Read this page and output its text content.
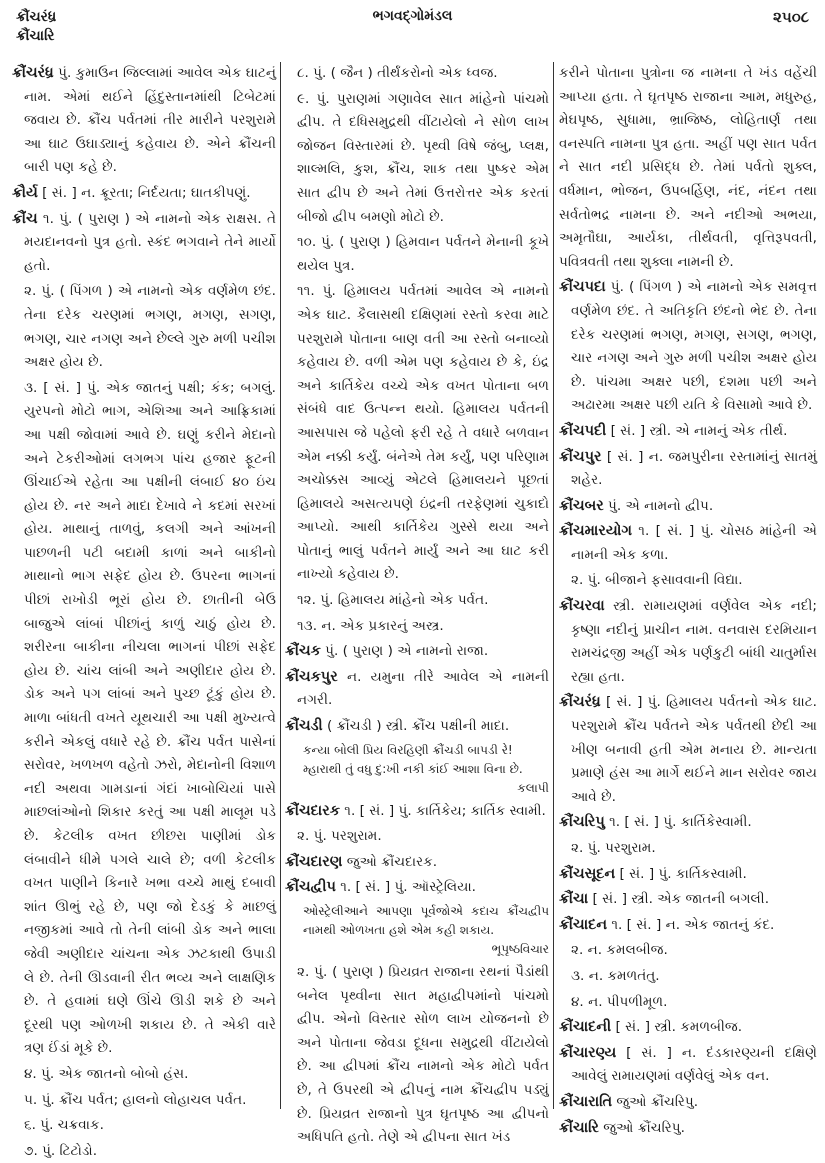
ક્રૌંચરંધ્ર
ક્રૌંચારિ
ભગવદ્ગોમંડલ	૨૫૦૮
ક્રૌંચરંધ્ર પું. કુમાઉન જિલ્લામાં આવેલ એક ઘાટનું નામ. એમાં થઈને હિંદુસ્તાનમાંથી ટિબેટમાં જવાય છે. ક્રૌંચ પર્વતમાં તીર મારીને પરશુરામે આ ઘાટ ઉઘાડ્યાનું કહેવાય છે. એને ક્રૌંચની બારી પણ કહે છે.
ક્રૌર્ય [ સં. ] ન. ક્રૂરતા; નિર્દયતા; ઘાતકીપણું.
ક્રૌંચ ૧. પું. ( પુરાણ ) એ નામનો એક રાક્ષસ. તે મયદાનવનો પુત્ર હતો. સ્કંદ ભગવાને તેને માર્યો હતો.
૨. પું. ( પિંગળ ) એ નામનો એક વર્ણમેળ છંદ. તેના દરેક ચરણમાં ભગણ, મગણ, સગણ, ભગણ, ચાર નગણ અને છેલ્લે ગુરુ મળી પચીશ અક્ષર હોય છે.
૩. [ સં. ] પું. એક જાતનું પક્ષી; કંક; બગલું. યુરપનો મોટો ભાગ, એશિઆ અને આફ્રિકામાં આ પક્ષી જોવામાં આવે છે. ઘણું કરીને મેદાનો અને ટેકરીઓમાં લગભગ પાંચ હજાર ફૂટની ઊંચાઈએ રહેતા આ પક્ષીની લંબાઈ ૪૦ ઇંચ હોય છે. નર અને માદા દેખાવે ને કદમાં સરખાં હોય. માથાનું તાળવું, કલગી અને આંખની પાછળની પટી બદામી કાળાં અને બાકીનો માથાનો ભાગ સફેદ હોય છે. ઉપરના ભાગનાં પીછાં રાખોડી ભૂરાં હોય છે. છાતીની બેઉ બાજુએ લાંબાં પીછાંનું કાળું ચાઠું હોય છે. શરીરના બાકીના નીચલા ભાગનાં પીછાં સફેદ હોય છે. ચાંચ લાંબી અને અણીદાર હોય છે. ડોક અને પગ લાંબાં અને પુચ્છ ટૂંકું હોય છે. માળા બાંધતી વખતે યૂથચારી આ પક્ષી મુખ્યત્વે કરીને એકલું વધારે રહે છે. ક્રૌંચ પર્વત પાસેનાં સરોવર, ખળખળ વહેતો ઝરો, મેદાનોની વિશાળ નદી અથવા ગામડાનાં ગંદાં ખાબોચિયાં પાસે માછલાંઓનો શિકાર કરતું આ પક્ષી માલૂમ પડે છે. કેટલીક વખત છીછરા પાણીમાં ડોક લંબાવીને ધીમે પગલે ચાલે છે; વળી કેટલીક વખત પાણીને કિનારે ખભા વચ્ચે માથું દબાવી શાંત ઊભું રહે છે, પણ જો દેડકું કે માછલું નજીકમાં આવે તો તેની લાંબી ડોક અને ભાલા જેવી અણીદાર ચાંચના એક ઝટકાથી ઉપાડી લે છે. તેની ઊડવાની રીત ભવ્ય અને લાક્ષણિક છે. તે હવામાં ઘણે ઊંચે ઊડી શકે છે અને દૂરથી પણ ઓળખી શકાય છે. તે એકી વારે ત્રણ ઈંડાં મૂકે છે.
૪. પું. એક જાતનો બોબો હંસ.
૫. પું. ક્રૌંચ પર્વત; હાલનો લોહાચલ પર્વત.
૬. પું. ચક્રવાક.
૭. પું. ટિટોડો.
૮. પું. ( જૈન ) તીર્થંકરોનો એક ધ્વજ.
૯. પું. પુરાણમાં ગણાવેલ સાત માંહેનો પાંચમો દ્વીપ. તે દધિસમુદ્રથી વીંટાયેલો ને સોળ લાખ જોજન વિસ્તારમાં છે. પૃથ્વી વિષે જંબુ, પ્લક્ષ, શાલ્મલિ, કુશ, ક્રૌંચ, શાક તથા પુષ્કર એમ સાત દ્વીપ છે અને તેમાં ઉત્તરોત્તર એક કરતાં બીજો દ્વીપ બમણો મોટો છે.
૧૦. પું. ( પુરાણ ) હિમવાન પર્વતને મેનાની કૂખે થયેલ પુત્ર.
૧૧. પું. હિમાલય પર્વતમાં આવેલ એ નામનો એક ઘાટ. કૈલાસથી દક્ષિણમાં રસ્તો કરવા માટે પરશુરામે પોતાના બાણ વતી આ રસ્તો બનાવ્યો કહેવાય છે. વળી એમ પણ કહેવાય છે કે, ઇંદ્ર અને કાર્તિકેય વચ્ચે એક વખત પોતાના બળ સંબંધે વાદ ઉત્પન્ન થયો. હિમાલય પર્વતની આસપાસ જે પહેલો ફરી રહે તે વધારે બળવાન એમ નક્કી કર્યું. બંનેએ તેમ કર્યું, પણ પરિણામ અચોક્કસ આવ્યું એટલે હિમાલયને પૂછતાં હિમાલયે અસત્યપણે ઇંદ્રની તરફેણમાં ચુકાદો આપ્યો. આથી કાર્તિકેય ગુસ્સે થયા અને પોતાનું ભાલું પર્વતને માર્યું અને આ ઘાટ કરી નાખ્યો કહેવાય છે.
૧૨. પું. હિમાલય માંહેનો એક પર્વત.
૧૩. ન. એક પ્રકારનું અસ્ત્ર.
ક્રૌંચક પું. ( પુરાણ ) એ નામનો રાજા.
ક્રૌંચકપુર ન. યમુના તીરે આવેલ એ નામની નગરી.
ક્રૌંચડી ( ક્રૌંચડી ) સ્ત્રી. ક્રૌંચ પક્ષીની માદા.
કન્યા બોલી પ્રિય વિરહિણી ક્રૌંચડી બાપડી રે!
મ્હારાથી તું વધુ દુ:ખી નકી કાંઈ આશા વિના છે.
કલાપી
ક્રૌંચદારક ૧. [ સં. ] પું. કાર્તિકેય; કાર્તિક સ્વામી.
૨. પું. પરશુરામ.
ક્રૌંચદારણ જુઓ ક્રૌંચદારક.
ક્રૌંચદ્વીપ ૧. [ સં. ] પું. ઑસ્ટ્રેલિયા.
ઓસ્ટ્રેલીઆને આપણા પૂર્વજોએ કદાચ ક્રૌંચદ્વીપ નામથી ઓળખતા હશે એમ કહી શકાય.
ભૂપૃષ્ઠવિચાર
૨. પું. ( પુરાણ ) પ્રિયવ્રત રાજાના રથનાં પૈડાંથી બનેલ પૃથ્વીના સાત મહાદ્વીપમાંનો પાંચમો દ્વીપ. એનો વિસ્તાર સોળ લાખ યોજનનો છે અને પોતાના જેવડા દૂધના સમુદ્રથી વીંટાયેલો છે. આ દ્વીપમાં ક્રૌંચ નામનો એક મોટો પર્વત છે, તે ઉપરથી એ દ્વીપનું નામ ક્રૌંચદ્વીપ પડ્યું છે. પ્રિયવ્રત રાજાનો પુત્ર ઘૃતપૃષ્ઠ આ દ્વીપનો અધિપતિ હતો. તેણે એ દ્વીપના સાત ખંડ
કરીને પોતાના પુત્રોના જ નામના તે ખંડ વહેંચી આપ્યા હતા. તે ઘૃતપૃષ્ઠ રાજાના આમ, મધુરુહ, મેઘપૃષ્ઠ, સુધામા, ભ્રાજિષ્ઠ, લોહિતાર્ણ તથા વનસ્પતિ નામના પુત્ર હતા. અહીં પણ સાત પર્વત ને સાત નદી પ્રસિદ્ધ છે. તેમાં પર્વતો શુક્લ, વર્ધમાન, ભોજન, ઉપબર્હિણ, નંદ, નંદન તથા સર્વતોભદ્ર નામના છે. અને નદીઓ અભયા, અમૃતૌઘા, આર્યકા, તીર્થવતી, વૃત્તિરૂપવતી, પવિત્રવતી તથા શુક્લા નામની છે.
ક્રૌંચપદા પું. ( પિંગળ ) એ નામનો એક સમવૃત્ત વર્ણમેળ છંદ. તે અતિકૃતિ છંદનો ભેદ છે. તેના દરેક ચરણમાં ભગણ, મગણ, સગણ, ભગણ, ચાર નગણ અને ગુરુ મળી પચીશ અક્ષર હોય છે. પાંચમા અક્ષર પછી, દશમા પછી અને અઢારમા અક્ષર પછી યતિ કે વિસામો આવે છે.
ક્રૌંચપદી [ સં. ] સ્ત્રી. એ નામનું એક તીર્થ.
ક્રૌંચપુર [ સં. ] ન. જમપુરીના રસ્તામાંનું સાતમું શહેર.
ક્રૌંચબર પું. એ નામનો દ્વીપ.
ક્રૌંચમારયોગ ૧. [ સં. ] પું. ચોસઠ માંહેની એ નામની એક કળા.
૨. પું. બીજાને ફસાવવાની વિદ્યા.
ક્રૌંચરવા સ્ત્રી. રામાયણમાં વર્ણવેલ એક નદી; કૃષ્ણા નદીનું પ્રાચીન નામ. વનવાસ દરમિયાન રામચંદ્રજી અહીં એક પર્ણકુટી બાંધી ચાતુર્માસ રહ્યા હતા.
ક્રૌંચરંધ્ર [ સં. ] પું. હિમાલય પર્વતનો એક ઘાટ. પરશુરામે ક્રૌંચ પર્વતને એક પર્વતથી છેદી આ ખીણ બનાવી હતી એમ મનાય છે. માન્યતા પ્રમાણે હંસ આ માર્ગે થઈને માન સરોવર જાય આવે છે.
ક્રૌંચરિપુ ૧. [ સં. ] પું. કાર્તિકેસ્વામી.
૨. પું. પરશુરામ.
ક્રૌંચસૂદન [ સં. ] પું. કાર્તિકસ્વામી.
ક્રૌંચા [ સં. ] સ્ત્રી. એક જાતની બગલી.
ક્રૌંચાદન ૧. [ સં. ] ન. એક જાતનું કંદ.
૨. ન. કમલબીજ.
૩. ન. કમળતંતુ.
૪. ન. પીપળીમૂળ.
ક્રૌંચાદની [ સં. ] સ્ત્રી. કમળબીજ.
ક્રૌંચારણ્ય [ સં. ] ન. દંડકારણ્યની દક્ષિણે આવેલું રામાયણમાં વર્ણવેલું એક વન.
ક્રૌંચારાતિ જુઓ ક્રૌંચરિપુ.
ક્રૌંચારિ જુઓ ક્રૌંચરિપુ.
